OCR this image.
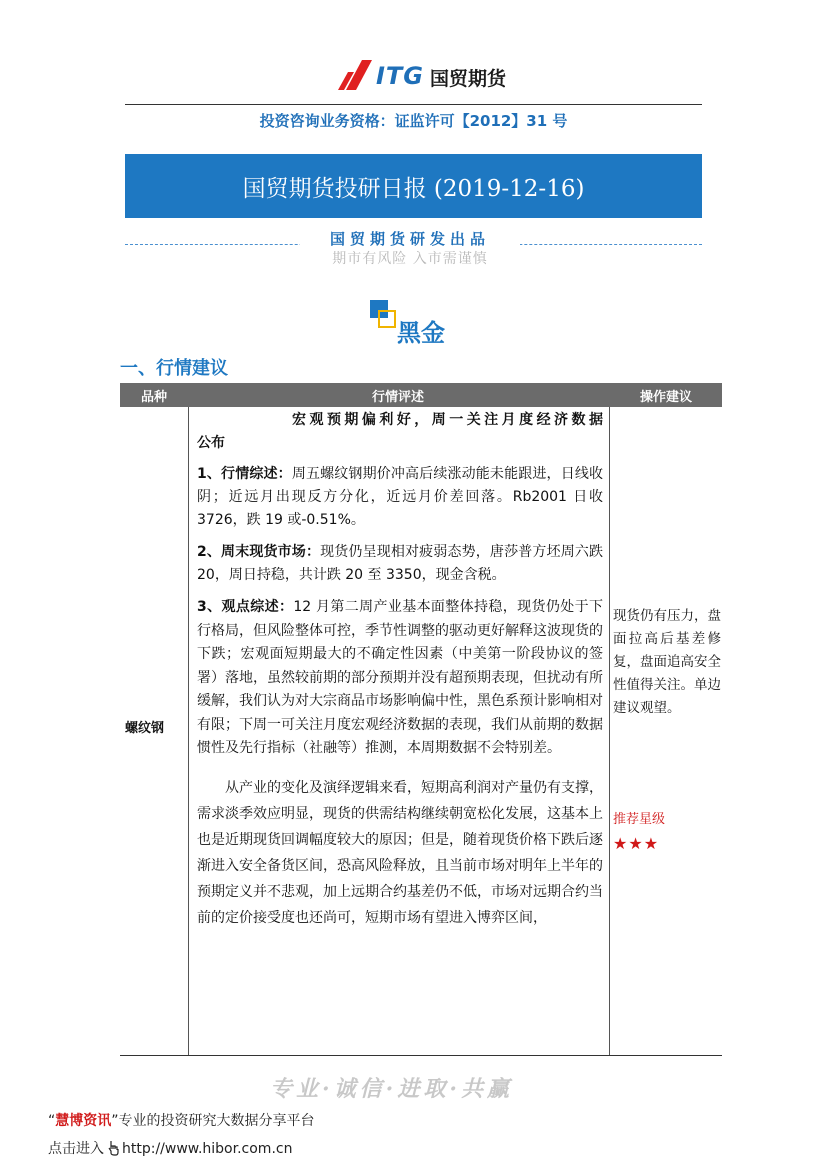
ITG 国贸期货
投资咨询业务资格：证监许可【2012】31 号
国贸期货投研日报 (2019-12-16)
国贸期货研发出品
期市有风险 入市需谨慎
黑金
一、行情建议
品种	行情评述	操作建议
螺纹钢

宏观预期偏利好，周一关注月度经济数据

公布

1、行情综述：周五螺纹钢期价冲高后续涨动能未能跟进，日线收阴；近远月出现反方分化，近远月价差回落。Rb2001 日收 3726，跌 19 或-0.51%。

2、周末现货市场：现货仍呈现相对疲弱态势，唐莎普方坯周六跌 20，周日持稳，共计跌 20 至 3350，现金含税。

3、观点综述：12 月第二周产业基本面整体持稳，现货仍处于下行格局，但风险整体可控，季节性调整的驱动更好解释这波现货的下跌；宏观面短期最大的不确定性因素（中美第一阶段协议的签署）落地，虽然较前期的部分预期并没有超预期表现，但扰动有所缓解，我们认为对大宗商品市场影响偏中性，黑色系预计影响相对有限；下周一可关注月度宏观经济数据的表现，我们从前期的数据惯性及先行指标（社融等）推测，本周期数据不会特别差。

从产业的变化及演绎逻辑来看，短期高利润对产量仍有支撑，需求淡季效应明显，现货的供需结构继续朝宽松化发展，这基本上也是近期现货回调幅度较大的原因；但是，随着现货价格下跌后逐渐进入安全备货区间，恐高风险释放，且当前市场对明年上半年的预期定义并不悲观，加上远期合约基差仍不低，市场对远期合约当前的定价接受度也还尚可，短期市场有望进入博弈区间，

现货仍有压力，盘面拉高后基差修复，盘面追高安全性值得关注。单边建议观望。
推荐星级
★★★
专业·诚信·进取·共赢
“慧博资讯”专业的投资研究大数据分享平台
点击进入 http://www.hibor.com.cn
